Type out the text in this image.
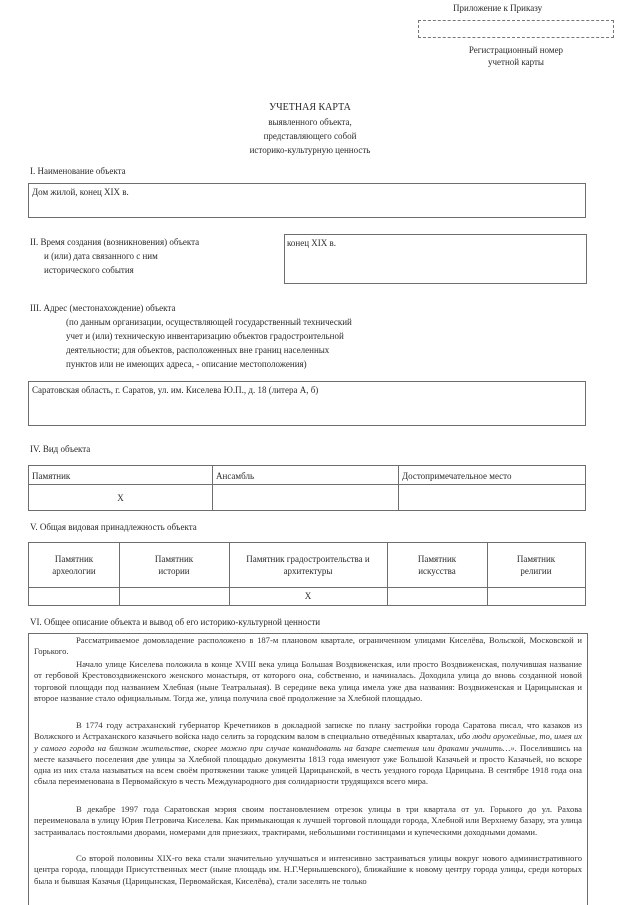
Приложение к Приказу
Регистрационный номер
учетной карты
УЧЕТНАЯ КАРТА
выявленного объекта,
представляющего собой
историко-культурную ценность
I. Наименование объекта
Дом жилой, конец XIX в.
II. Время создания (возникновения) объекта
и (или) дата связанного с ним
исторического события
конец XIX в.
III. Адрес (местонахождение) объекта
(по данным организации, осуществляющей государственный технический
учет и (или) техническую инвентаризацию объектов градостроительной
деятельности; для объектов, расположенных вне границ населенных
пунктов или не имеющих адреса, - описание местоположения)
Саратовская область, г. Саратов, ул. им. Киселева Ю.П., д. 18 (литера А, б)
IV. Вид объекта
Памятник	Ансамбль	Достопримечательное место
Х
V. Общая видовая принадлежность объекта
Памятник
археологии
Памятник
истории
Памятник градостроительства и
архитектуры
Памятник
искусства
Памятник
религии
Х
VI. Общее описание объекта и вывод об его историко-культурной ценности
Рассматриваемое домовладение расположено в 187-м плановом квартале, ограниченном улицами Киселёва, Вольской, Московской и Горького.
Начало улице Киселева положила в конце XVIII века улица Большая Воздвиженская, или просто Воздвиженская, получившая название от гербовой Крестовоздвиженского женского монастыря, от которого она, собственно, и начиналась. Доходила улица до вновь созданной новой торговой площади под названием Хлебная (ныне Театральная). В середине века улица имела уже два названия: Воздвиженская и Царицынская и второе название стало официальным. Тогда же, улица получила своё продолжение за Хлебной площадью.
В 1774 году астраханский губернатор Кречетников в докладной записке по плану застройки города Саратова писал, что казаков из Волжского и Астраханского казачьего войска надо селить за городским валом в специально отведённых кварталах, ибо люди оружейные, то, имея их у самого города на близком жительстве, скорее можно при случае командовать на базаре сметения или драками учинить…». Поселившись на месте казачьего поселения две улицы за Хлебной площадью документы 1813 года именуют уже Большой Казачьей и просто Казачьей, но вскоре одна из них стала называться на всем своём протяжении также улицей Царицынской, в честь уездного города Царицына. В сентябре 1918 года она сбыла переименована в Первомайскую в честь Международного дня солидарности трудящихся всего мира.
В декабре 1997 года Саратовская мэрия своим постановлением отрезок улицы в три квартала от ул. Горького до ул. Рахова переименовала в улицу Юрия Петровича Киселева. Как примыкающая к лучшей торговой площади города, Хлебной или Верхнему базару, эта улица застраивалась постоялыми дворами, номерами для приезжих, трактирами, небольшими гостиницами и купеческими доходными домами.
Со второй половины XIX-го века стали значительно улучшаться и интенсивно застраиваться улицы вокруг нового административного центра города, площади Присутственных мест (ныне площадь им. Н.Г.Чернышевского), ближайшие к новому центру города улицы, среди которых была и бывшая Казачья (Царицынская, Первомайская, Киселёва), стали заселять не только
